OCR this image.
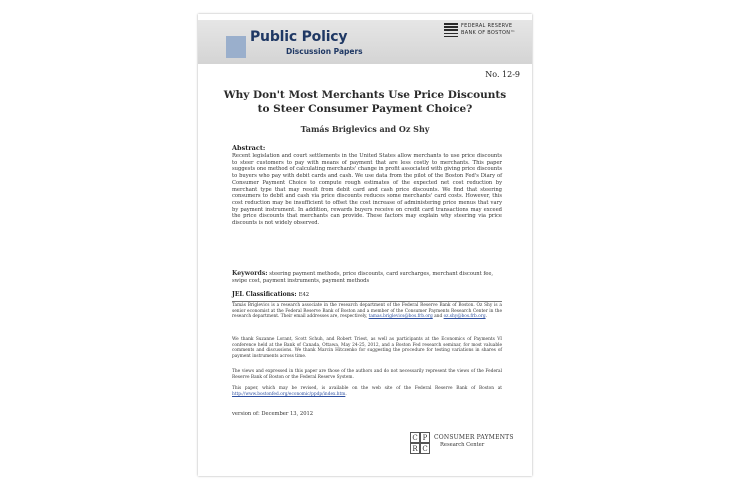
Public Policy
Discussion Papers
FEDERAL RESERVE
BANK OF BOSTON™
No. 12-9
Why Don't Most Merchants Use Price Discounts to Steer Consumer Payment Choice?
Tamás Briglevics and Oz Shy
Abstract:
Recent legislation and court settlements in the United States allow merchants to use price discounts to steer customers to pay with means of payment that are less costly to merchants. This paper suggests one method of calculating merchants' change in profit associated with giving price discounts to buyers who pay with debit cards and cash. We use data from the pilot of the Boston Fed's Diary of Consumer Payment Choice to compute rough estimates of the expected net cost reduction by merchant type that may result from debit card and cash price discounts. We find that steering consumers to debit and cash via price discounts reduces some merchants' card costs. However, this cost reduction may be insufficient to offset the cost increase of administering price menus that vary by payment instrument. In addition, rewards buyers receive on credit card transactions may exceed the price discounts that merchants can provide. These factors may explain why steering via price discounts is not widely observed.
Keywords: steering payment methods, price discounts, card surcharges, merchant discount fee, swipe cost, payment instruments, payment methods
JEL Classifications: E42
Tamás Briglevics is a research associate in the research department of the Federal Reserve Bank of Boston. Oz Shy is a senior economist at the Federal Reserve Bank of Boston and a member of the Consumer Payments Research Center in the research department. Their email addresses are, respectively, tamas.briglevics@bos.frb.org and oz.shy@bos.frb.org.
We thank Suzanne Lorant, Scott Schuh, and Robert Triest, as well as participants at the Economics of Payments VI conference held at the Bank of Canada, Ottawa, May 24-25, 2012, and a Boston Fed research seminar, for most valuable comments and discussions. We thank Marcin Hitczenko for suggesting the procedure for testing variations in shares of payment instruments across time.
The views and expressed in this paper are those of the authors and do not necessarily represent the views of the Federal Reserve Bank of Boston or the Federal Reserve System.
This paper, which may be revised, is available on the web site of the Federal Reserve Bank of Boston at http://www.bostonfed.org/economic/ppdp/index.htm.
version of: December 13, 2012
C P
R C
CONSUMER PAYMENTS
Research Center
